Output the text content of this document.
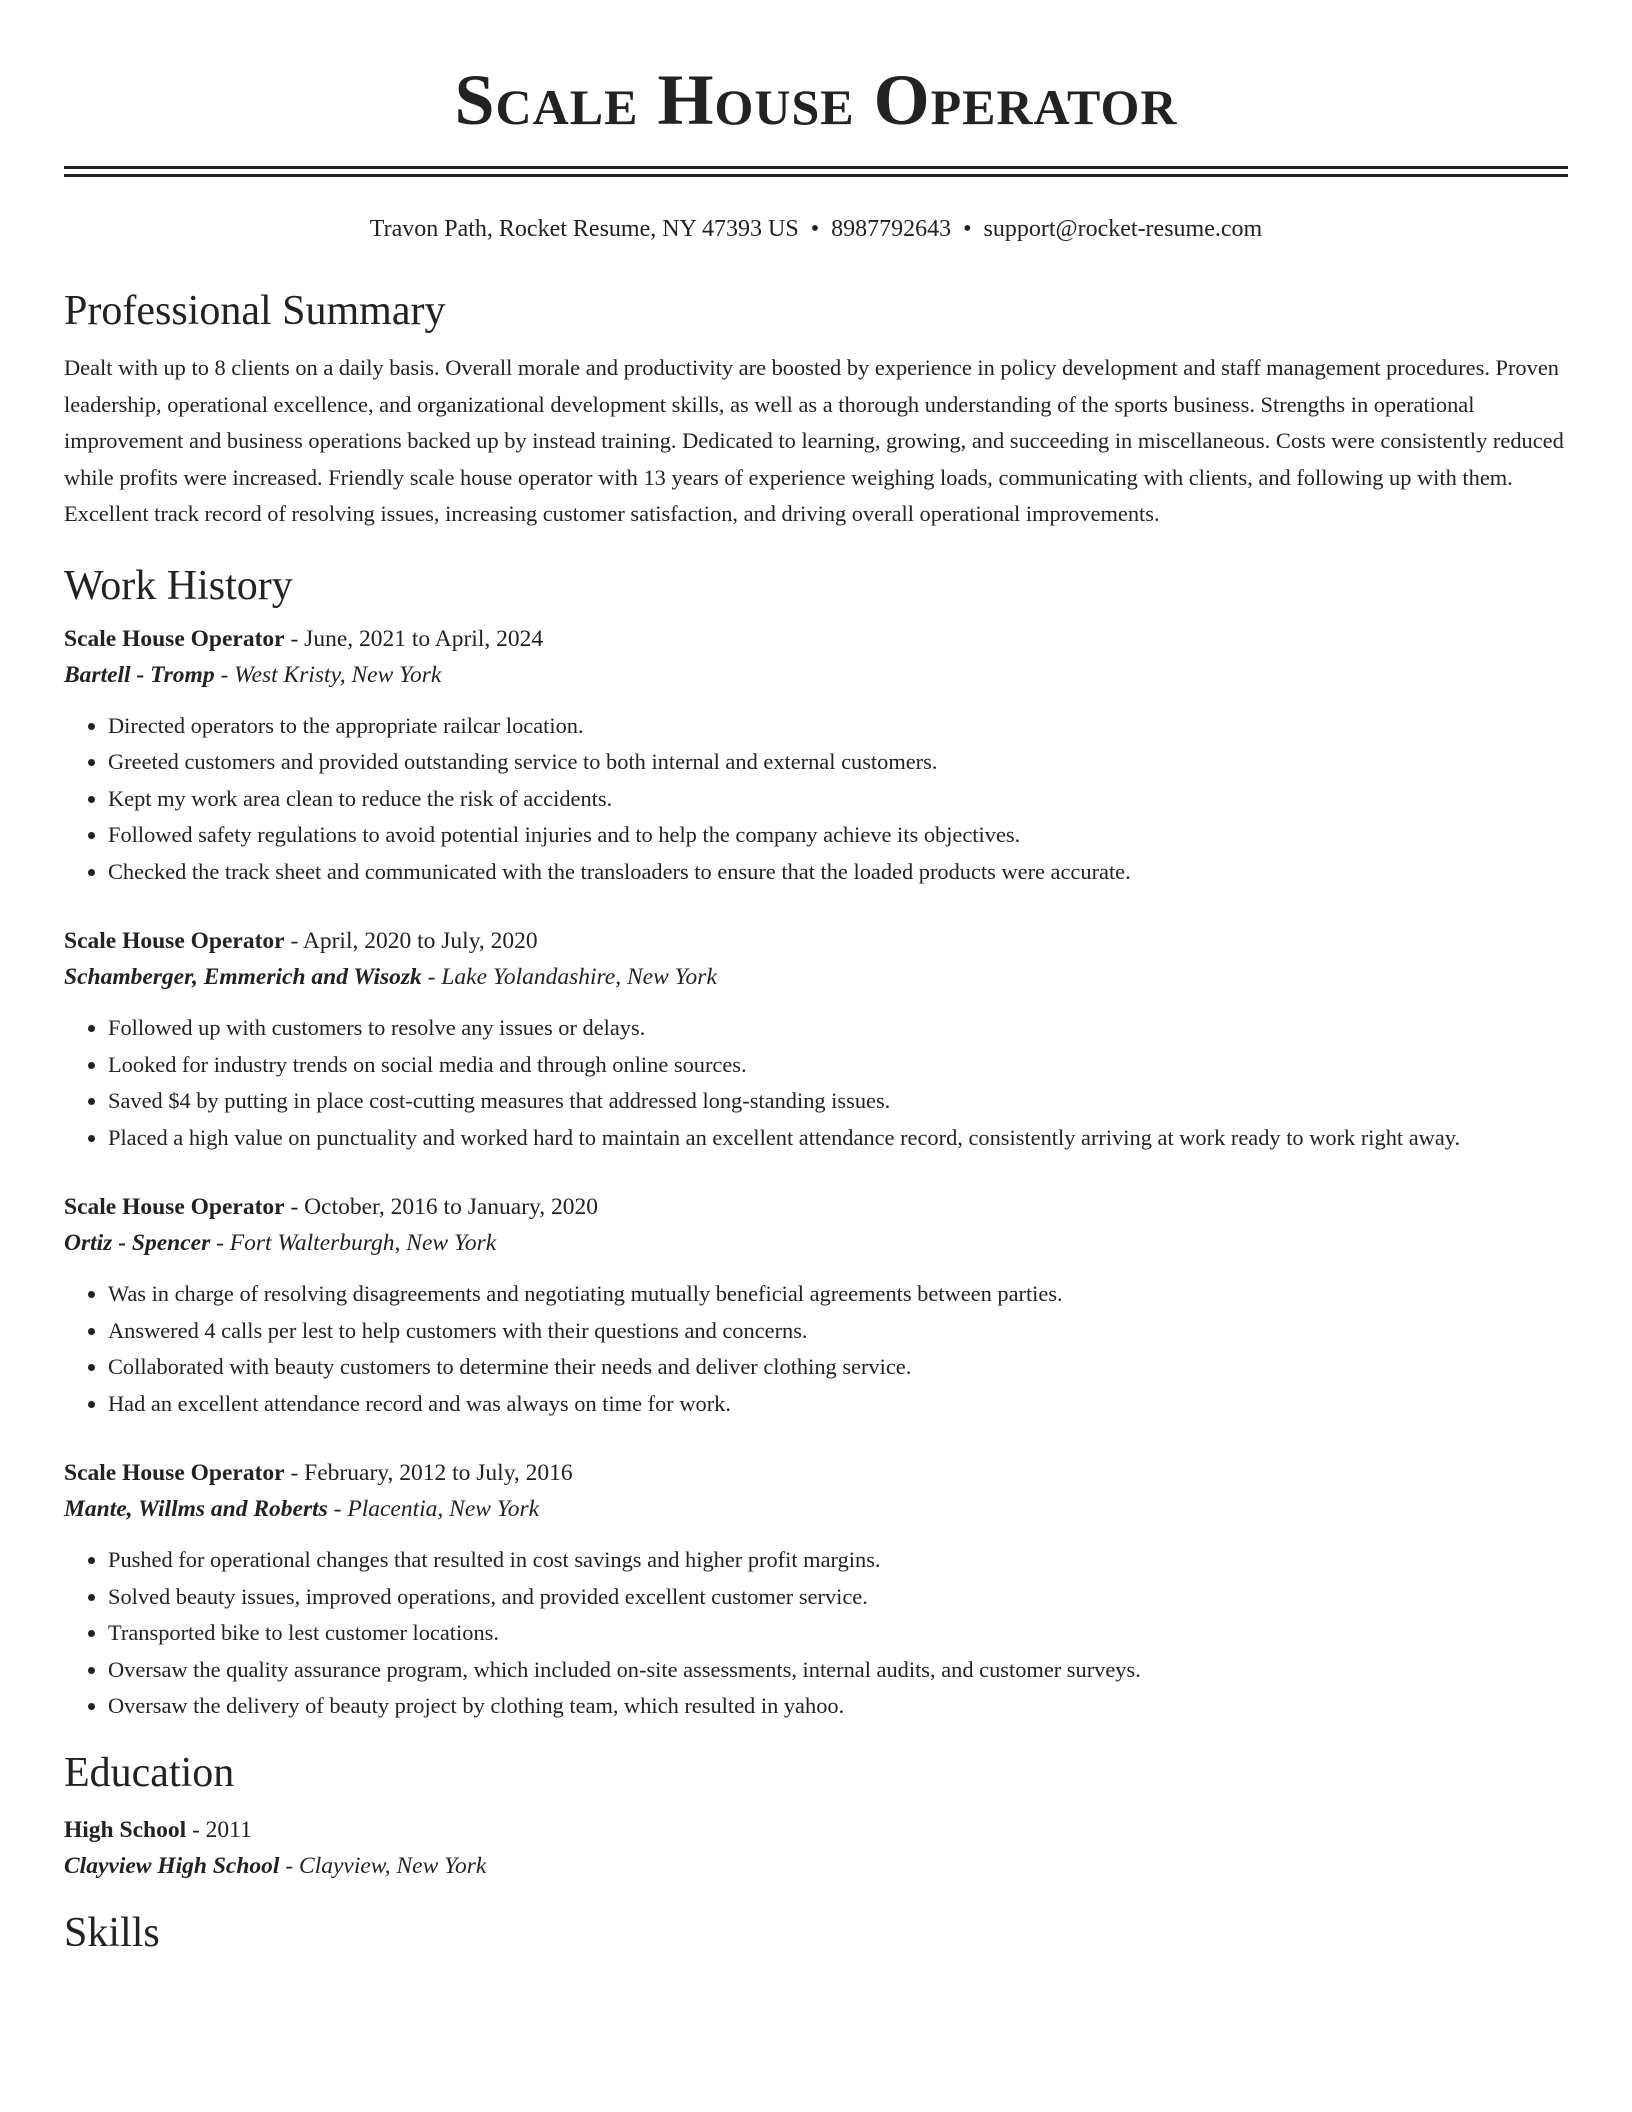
Scale House Operator
Travon Path, Rocket Resume, NY 47393 US • 8987792643 • support@rocket-resume.com
Professional Summary

Dealt with up to 8 clients on a daily basis. Overall morale and productivity are boosted by experience in policy development and staff management procedures. Proven leadership, operational excellence, and organizational development skills, as well as a thorough understanding of the sports business. Strengths in operational improvement and business operations backed up by instead training. Dedicated to learning, growing, and succeeding in miscellaneous. Costs were consistently reduced while profits were increased. Friendly scale house operator with 13 years of experience weighing loads, communicating with clients, and following up with them. Excellent track record of resolving issues, increasing customer satisfaction, and driving overall operational improvements.

Work History
Scale House Operator - June, 2021 to April, 2024
Bartell - Tromp - West Kristy, New York
• Directed operators to the appropriate railcar location.
• Greeted customers and provided outstanding service to both internal and external customers.
• Kept my work area clean to reduce the risk of accidents.
• Followed safety regulations to avoid potential injuries and to help the company achieve its objectives.
• Checked the track sheet and communicated with the transloaders to ensure that the loaded products were accurate.
Scale House Operator - April, 2020 to July, 2020
Schamberger, Emmerich and Wisozk - Lake Yolandashire, New York
• Followed up with customers to resolve any issues or delays.
• Looked for industry trends on social media and through online sources.
• Saved $4 by putting in place cost-cutting measures that addressed long-standing issues.
• Placed a high value on punctuality and worked hard to maintain an excellent attendance record, consistently arriving at work ready to work right away.
Scale House Operator - October, 2016 to January, 2020
Ortiz - Spencer - Fort Walterburgh, New York
• Was in charge of resolving disagreements and negotiating mutually beneficial agreements between parties.
• Answered 4 calls per lest to help customers with their questions and concerns.
• Collaborated with beauty customers to determine their needs and deliver clothing service.
• Had an excellent attendance record and was always on time for work.
Scale House Operator - February, 2012 to July, 2016
Mante, Willms and Roberts - Placentia, New York
• Pushed for operational changes that resulted in cost savings and higher profit margins.
• Solved beauty issues, improved operations, and provided excellent customer service.
• Transported bike to lest customer locations.
• Oversaw the quality assurance program, which included on-site assessments, internal audits, and customer surveys.
• Oversaw the delivery of beauty project by clothing team, which resulted in yahoo.
Education
High School - 2011
Clayview High School - Clayview, New York
Skills
